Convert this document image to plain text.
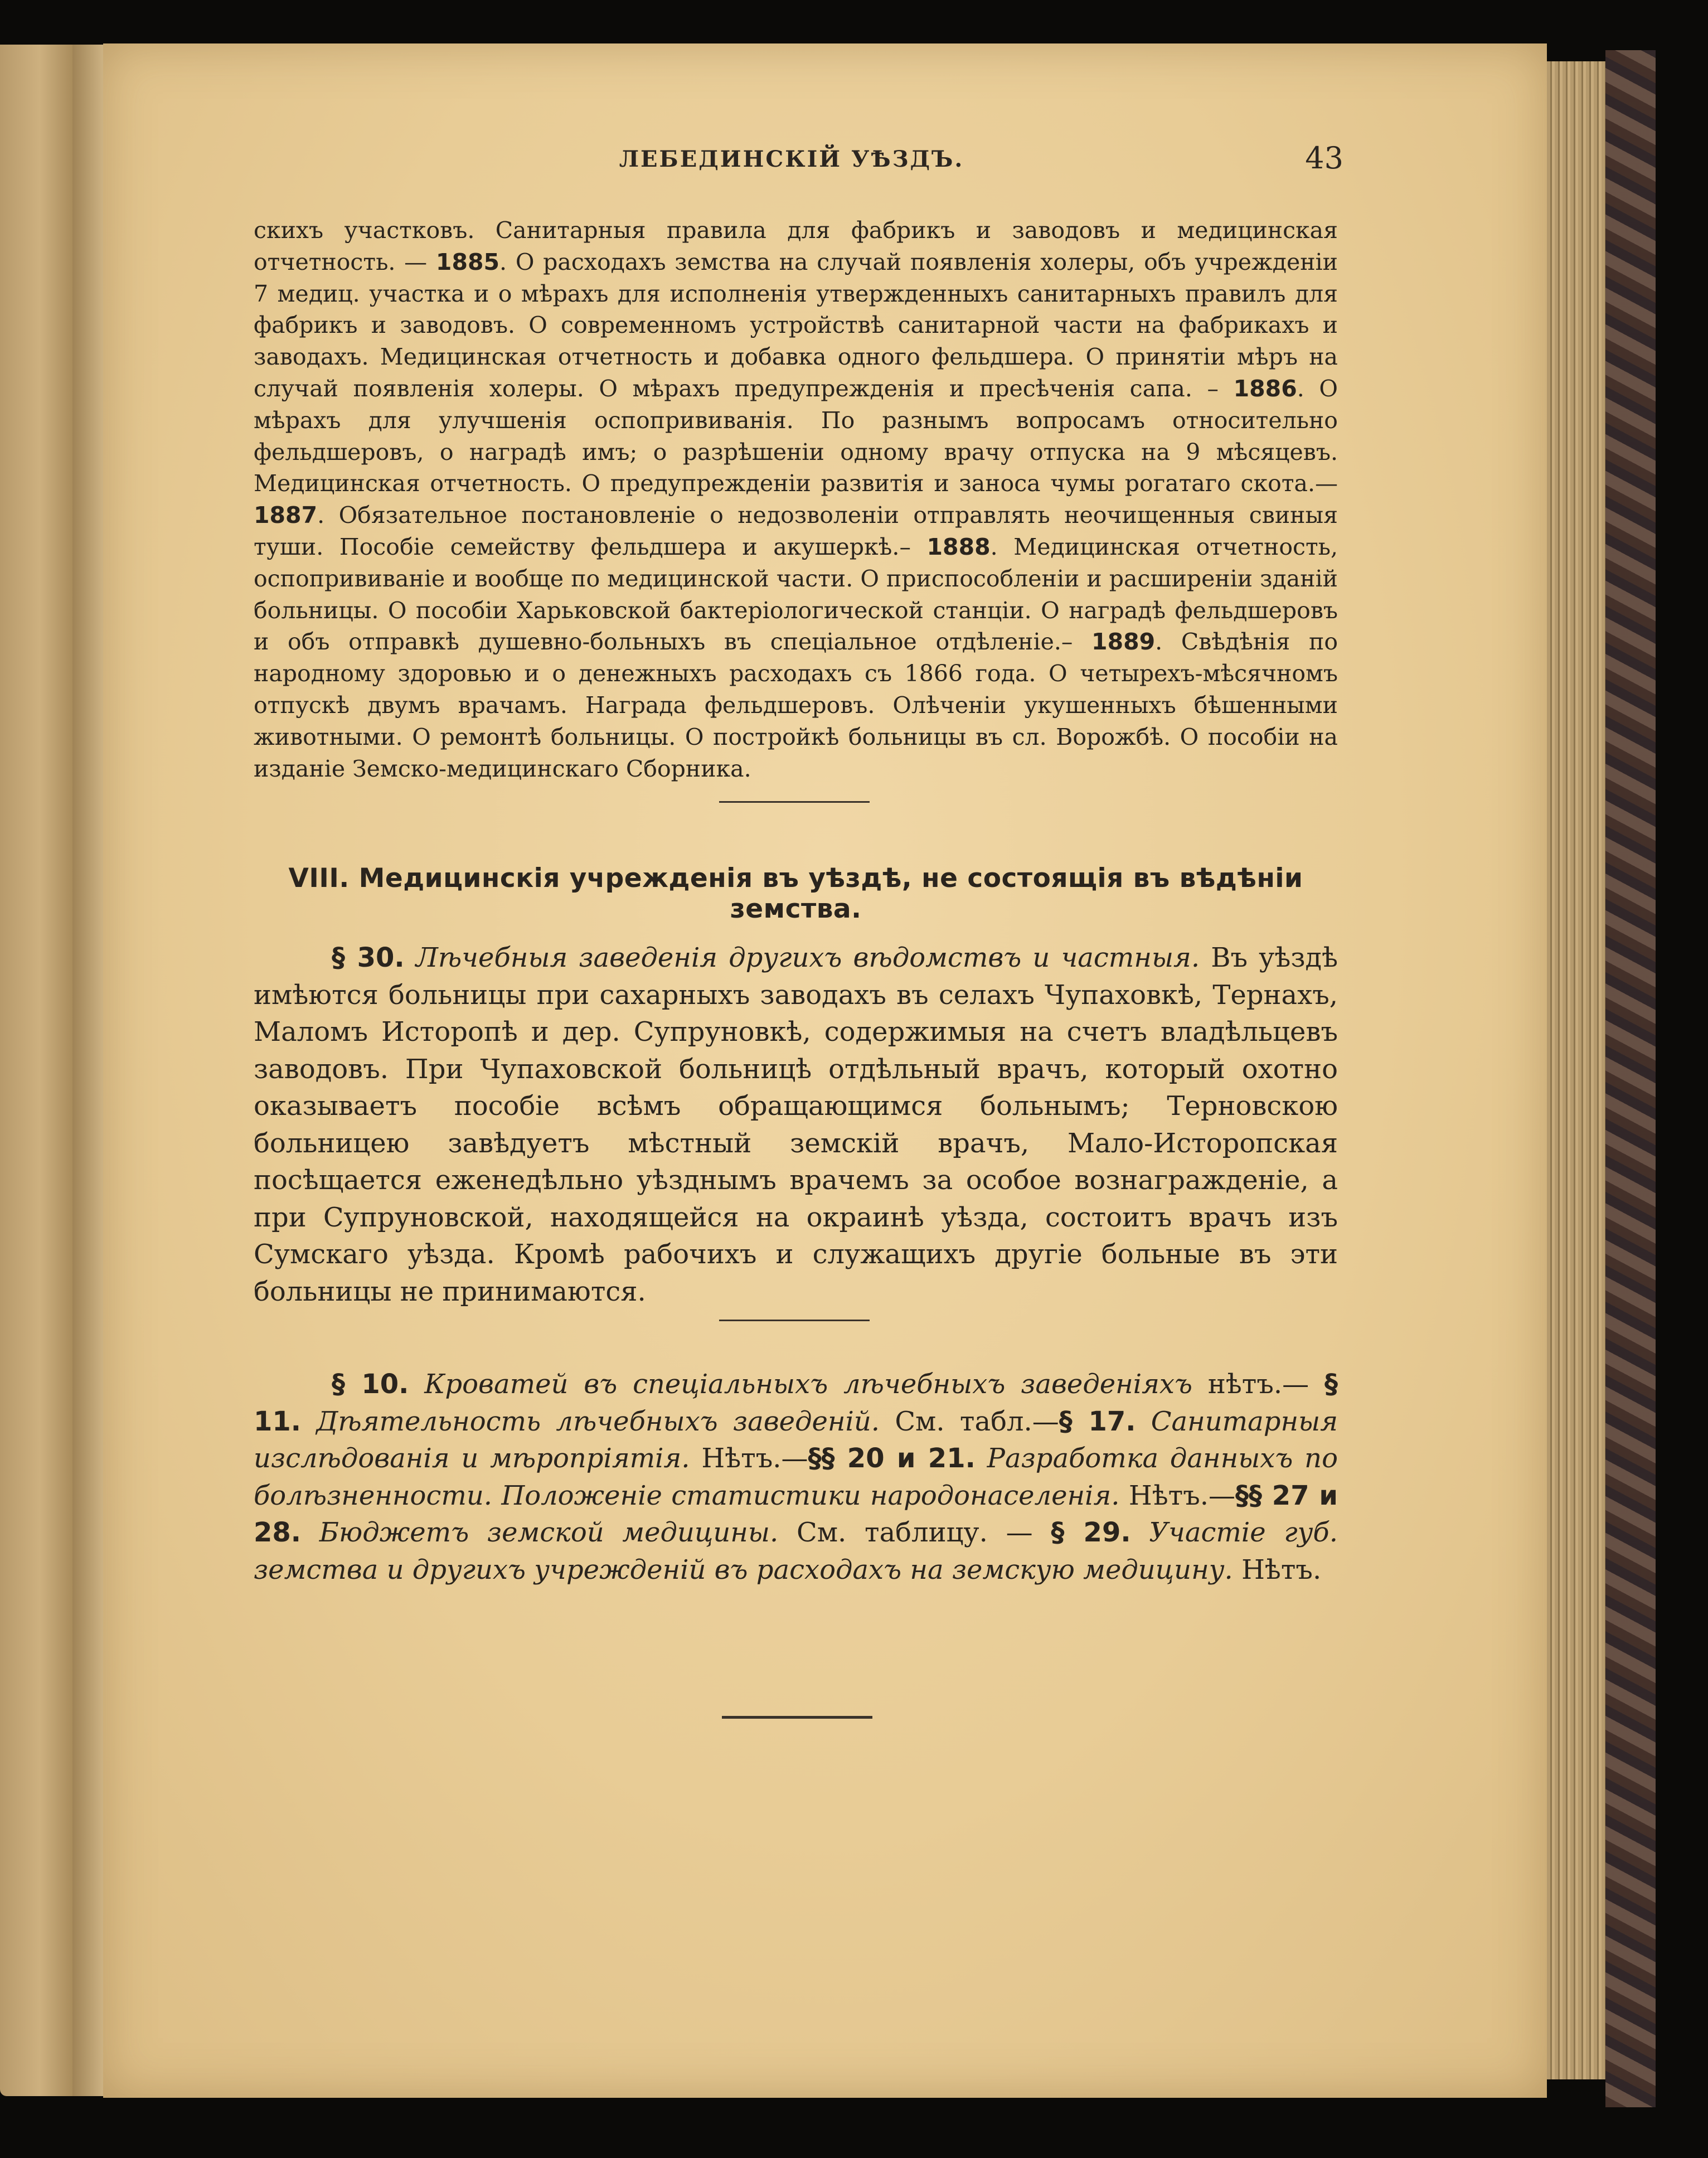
ЛЕБЕДИНСКІЙ УѢЗДЪ.	43
скихъ участковъ. Санитарныя правила для фабрикъ и заводовъ и медицинская отчетность. — 1885. О расходахъ земства на случай появленія холеры, объ учрежденіи 7 медиц. участка и о мѣрахъ для исполненія утвержденныхъ санитарныхъ правилъ для фабрикъ и заводовъ. О современномъ устройствѣ санитарной части на фабрикахъ и заводахъ. Медицинская отчетность и добавка одного фельдшера. О принятіи мѣръ на случай появленія холеры. О мѣрахъ предупрежденія и пресѣченія сапа. – 1886. О мѣрахъ для улучшенія оспопрививанія. По разнымъ вопросамъ относительно фельдшеровъ, о наградѣ имъ; о разрѣшеніи одному врачу отпуска на 9 мѣсяцевъ. Медицинская отчетность. О предупрежденіи развитія и заноса чумы рогатаго скота.—1887. Обязательное постановленіе о недозволеніи отправлять неочищенныя свиныя туши. Пособіе семейству фельдшера и акушеркѣ.– 1888. Медицинская отчетность, оспопрививаніе и вообще по медицинской части. О приспособленіи и расширеніи зданій больницы. О пособіи Харьковской бактеріологической станціи. О наградѣ фельдшеровъ и объ отправкѣ душевно-больныхъ въ спеціальное отдѣленіе.– 1889. Свѣдѣнія по народному здоровью и о денежныхъ расходахъ съ 1866 года. О четырехъ-мѣсячномъ отпускѣ двумъ врачамъ. Награда фельдшеровъ. Олѣченіи укушенныхъ бѣшенными животными. О ремонтѣ больницы. О постройкѣ больницы въ сл. Ворожбѣ. О пособіи на изданіе Земско-медицинскаго Сборника.
VIII. Медицинскія учрежденія въ уѣздѣ, не состоящія въ вѣдѣніи земства.
§ 30. Лѣчебныя заведенія другихъ вѣдомствъ и частныя. Въ уѣздѣ имѣются больницы при сахарныхъ заводахъ въ селахъ Чупаховкѣ, Тернахъ, Маломъ Исторопѣ и дер. Супруновкѣ, содержимыя на счетъ владѣльцевъ заводовъ. При Чупаховской больницѣ отдѣльный врачъ, который охотно оказываетъ пособіе всѣмъ обращающимся больнымъ; Терновскою больницею завѣдуетъ мѣстный земскій врачъ, Мало-Исторопская посѣщается еженедѣльно уѣзднымъ врачемъ за особое вознагражденіе, а при Супруновской, находящейся на окраинѣ уѣзда, состоитъ врачъ изъ Сумскаго уѣзда. Кромѣ рабочихъ и служащихъ другіе больные въ эти больницы не принимаются.
§ 10. Кроватей въ спеціальныхъ лѣчебныхъ заведеніяхъ нѣтъ.— § 11. Дѣятельность лѣчебныхъ заведеній. См. табл.—§ 17. Санитарныя изслѣдованія и мѣропріятія. Нѣтъ.—§§ 20 и 21. Разработка данныхъ по болѣзненности. Положеніе статистики народонаселенія. Нѣтъ.—§§ 27 и 28. Бюджетъ земской медицины. См. таблицу. — § 29. Участіе губ. земства и другихъ учрежденій въ расходахъ на земскую медицину. Нѣтъ.
